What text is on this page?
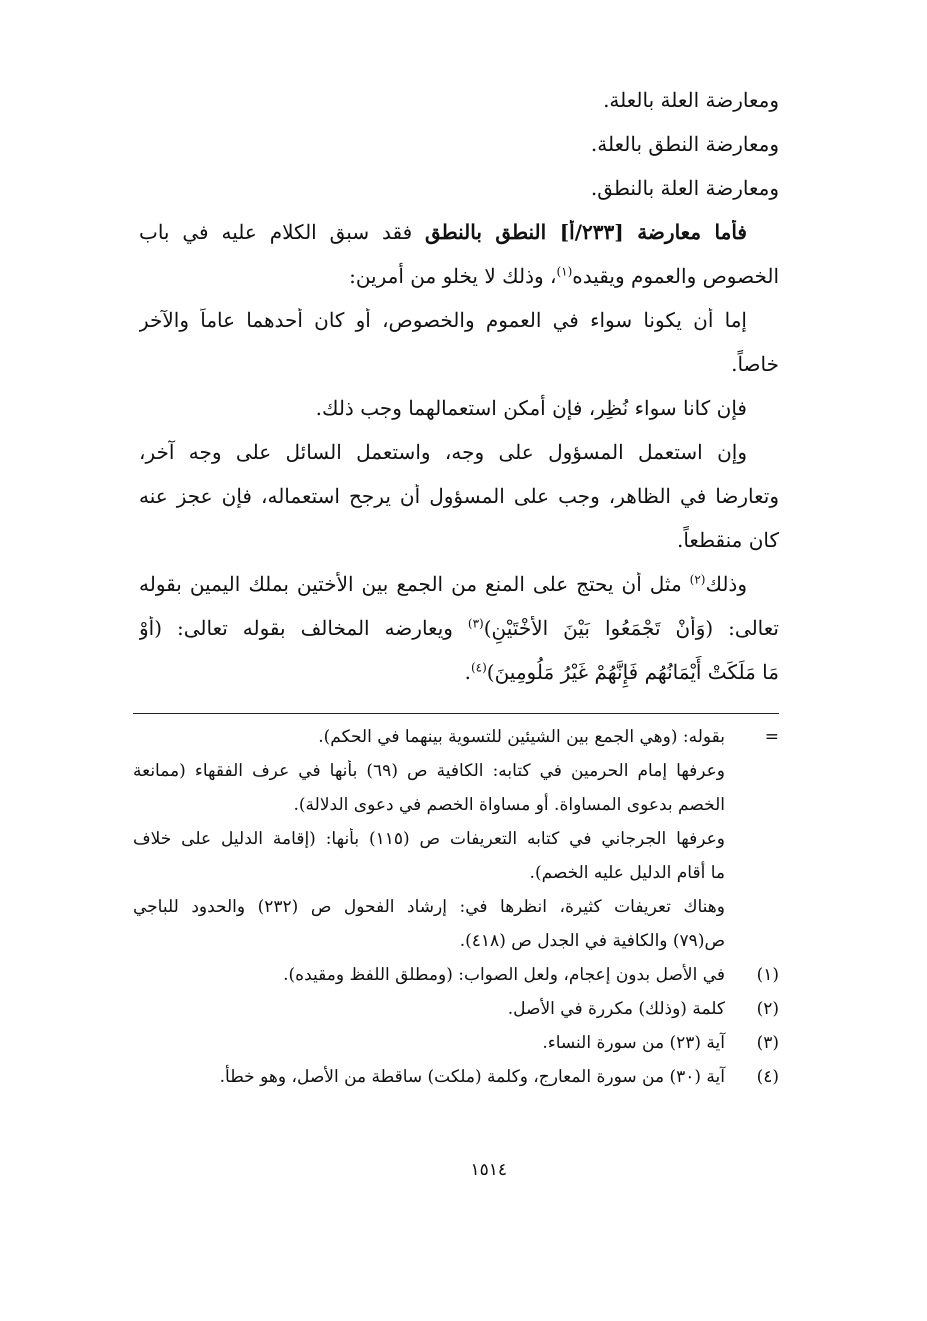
ومعارضة العلة بالعلة.

ومعارضة النطق بالعلة.

ومعارضة العلة بالنطق.

فأما معارضة [٢٣٣/أ] النطق بالنطق فقد سبق الكلام عليه في باب

الخصوص والعموم ويقيده$^{(١)}$، وذلك لا يخلو من أمرين:

إما أن يكونا سواء في العموم والخصوص، أو كان أحدهما عاماً والآخر

خاصاً.

فإن كانا سواء نُظِر، فإن أمكن استعمالهما وجب ذلك.

وإن استعمل المسؤول على وجه، واستعمل السائل على وجه آخر،

وتعارضا في الظاهر، وجب على المسؤول أن يرجح استعماله، فإن عجز عنه

كان منقطعاً.

وذلك$^{(٢)}$ مثل أن يحتج على المنع من الجمع بين الأختين بملك اليمين بقوله

تعالى: (وَأَنْ تَجْمَعُوا بَيْنَ الأُخْتَيْنِ)$^{(٣)}$ ويعارضه المخالف بقوله تعالى: (أَوْ

مَا مَلَكَتْ أَيْمَانُهُم فَإِنَّهُمْ غَيْرُ مَلُومِينَ)$^{(٤)}$.

=
بقوله: (وهي الجمع بين الشيئين للتسوية بينهما في الحكم).

وعرفها إمام الحرمين في كتابه: الكافية ص (٦٩) بأنها في عرف الفقهاء (ممانعة

الخصم بدعوى المساواة. أو مساواة الخصم في دعوى الدلالة).

وعرفها الجرجاني في كتابه التعريفات ص (١١٥) بأنها: (إقامة الدليل على خلاف

ما أقام الدليل عليه الخصم).

وهناك تعريفات كثيرة، انظرها في: إرشاد الفحول ص (٢٣٢) والحدود للباجي

ص(٧٩) والكافية في الجدل ص (٤١٨).

(١)
في الأصل بدون إعجام، ولعل الصواب: (ومطلق اللفظ ومقيده).

(٢)
كلمة (وذلك) مكررة في الأصل.

(٣)
آية (٢٣) من سورة النساء.

(٤)
آية (٣٠) من سورة المعارج، وكلمة (ملكت) ساقطة من الأصل، وهو خطأ.

١٥١٤
